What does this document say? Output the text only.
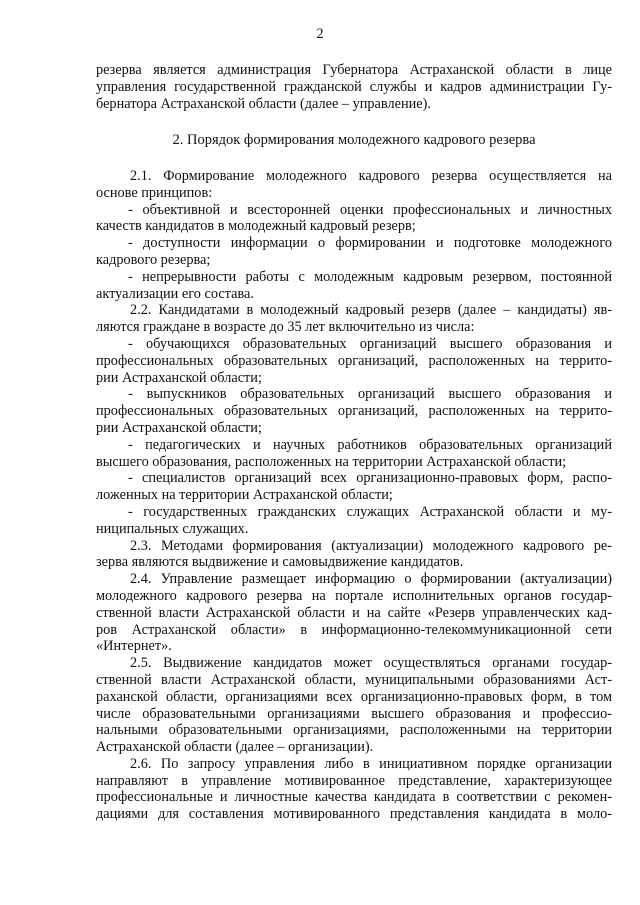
2
резерва является администрация Губернатора Астраханской области в лице
управления государственной гражданской службы и кадров администрации Гу-
бернатора Астраханской области (далее – управление).
2. Порядок формирования молодежного кадрового резерва
2.1. Формирование молодежного кадрового резерва осуществляется на
основе принципов:
- объективной и всесторонней оценки профессиональных и личностных
качеств кандидатов в молодежный кадровый резерв;
- доступности информации о формировании и подготовке молодежного
кадрового резерва;
- непрерывности работы с молодежным кадровым резервом, постоянной
актуализации его состава.
2.2. Кандидатами в молодежный кадровый резерв (далее – кандидаты) яв-
ляются граждане в возрасте до 35 лет включительно из числа:
- обучающихся образовательных организаций высшего образования и
профессиональных образовательных организаций, расположенных на террито-
рии Астраханской области;
- выпускников образовательных организаций высшего образования и
профессиональных образовательных организаций, расположенных на террито-
рии Астраханской области;
- педагогических и научных работников образовательных организаций
высшего образования, расположенных на территории Астраханской области;
- специалистов организаций всех организационно-правовых форм, распо-
ложенных на территории Астраханской области;
- государственных гражданских служащих Астраханской области и му-
ниципальных служащих.
2.3. Методами формирования (актуализации) молодежного кадрового ре-
зерва являются выдвижение и самовыдвижение кандидатов.
2.4. Управление размещает информацию о формировании (актуализации)
молодежного кадрового резерва на портале исполнительных органов государ-
ственной власти Астраханской области и на сайте «Резерв управленческих кад-
ров Астраханской области» в информационно-телекоммуникационной сети
«Интернет».
2.5. Выдвижение кандидатов может осуществляться органами государ-
ственной власти Астраханской области, муниципальными образованиями Аст-
раханской области, организациями всех организационно-правовых форм, в том
числе образовательными организациями высшего образования и профессио-
нальными образовательными организациями, расположенными на территории
Астраханской области (далее – организации).
2.6. По запросу управления либо в инициативном порядке организации
направляют в управление мотивированное представление, характеризующее
профессиональные и личностные качества кандидата в соответствии с рекомен-
дациями для составления мотивированного представления кандидата в моло-
